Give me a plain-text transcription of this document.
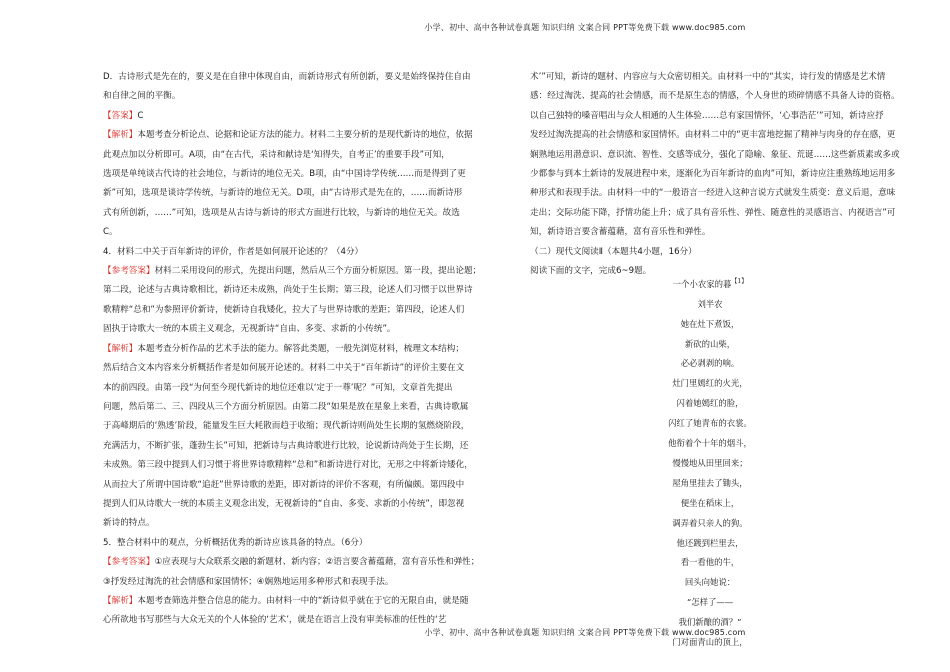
小学、初中、高中各种试卷真题 知识归纳 文案合同 PPT等免费下载 www.doc985.com

D．古诗形式是先在的，要义是在自律中体现自由，而新诗形式有所创新，要义是始终保持住自由

和自律之间的平衡。

【答案】C

【解析】本题考查分析论点、论据和论证方法的能力。材料二主要分析的是现代新诗的地位，依据

此观点加以分析即可。A项，由“在古代，采诗和献诗是‘知得失，自考正’的重要手段”可知，

选项是单纯谈古代诗的社会地位，与新诗的地位无关。B项，由“中国诗学传统……而是得到了更

新”可知，选项是谈诗学传统，与新诗的地位无关。D项，由“古诗形式是先在的，……而新诗形

式有所创新，……”可知，选项是从古诗与新诗的形式方面进行比较，与新诗的地位无关。故选

C。

4．材料二中关于百年新诗的评价，作者是如何展开论述的？（4分）

【参考答案】材料二采用设问的形式，先提出问题，然后从三个方面分析原因。第一段，提出论题；

第二段，论述与古典诗歌相比，新诗还未成熟，尚处于生长期；第三段，论述人们习惯于以世界诗

歌精粹“总和”为参照评价新诗，使新诗自我矮化，拉大了与世界诗歌的差距；第四段，论述人们

固执于诗歌大一统的本质主义观念，无视新诗“自由、多变、求新的小传统”。

【解析】本题考查分析作品的艺术手法的能力。解答此类题，一般先浏览材料，梳理文本结构；

然后结合文本内容来分析概括作者是如何展开论述的。材料二中关于“百年新诗”的评价主要在文

本的前四段。由第一段“为何至今现代新诗的地位还难以‘定于一尊’呢？”可知，文章首先提出

问题，然后第二、三、四段从三个方面分析原因。由第二段“如果是放在星象上来看，古典诗歌属

于高峰期后的‘熟透’阶段，能量发生巨大耗散而趋于收缩；现代新诗则尚处生长期的氢燃烧阶段，

充满活力，不断扩张，蓬勃生长”可知，把新诗与古典诗歌进行比较，论说新诗尚处于生长期，还

未成熟。第三段中提到人们习惯于将世界诗歌精粹“总和”和新诗进行对比，无形之中将新诗矮化，

从而拉大了所谓中国诗歌“追赶”世界诗歌的差距，即对新诗的评价不客观，有所偏颇。第四段中

提到人们从诗歌大一统的本质主义观念出发，无视新诗的“自由、多变、求新的小传统”，即忽视

新诗的特点。

5．整合材料中的观点，分析概括优秀的新诗应该具备的特点。（6分）

【参考答案】①应表现与大众联系交融的新题材、新内容；②语言要含蓄蕴藉，富有音乐性和弹性；

③抒发经过淘洗的社会情感和家国情怀；④娴熟地运用多种形式和表现手法。

【解析】本题考查筛选并整合信息的能力。由材料一中的“新诗似乎就在于它的无限自由，就是随

心所欲地书写那些与大众无关的个人体验的‘艺术’，就是在语言上没有审美标准的任性的‘艺

术’”可知，新诗的题材、内容应与大众密切相关。由材料一中的“其实，诗行发的情感是艺术情

感：经过淘洗、提高的社会情感，而不是原生态的情感，个人身世的琐碎情感不具备人诗的资格。

以自己独特的嗓音唱出与众人相通的人生体验……总有家国情怀，‘心事浩茫’”可知，新诗应抒

发经过淘洗提高的社会情感和家国情怀。由材料二中的“更丰富地挖掘了精神与肉身的存在感，更

娴熟地运用潜意识、意识流、智性、交感等成分，强化了隐喻、象征、荒诞……这些新质素或多或

少都参与到本土新诗的发展进程中来，逐渐化为百年新诗的血肉”可知，新诗应注重熟练地运用多

种形式和表现手法。由材料一中的“一般语言一经进入这种言说方式就发生质变：意义后退，意味

走出；交际功能下降，抒情功能上升；成了具有音乐性、弹性、随意性的灵感语言、内视语言”可

知，新诗语言要含蓄蕴藉，富有音乐性和弹性。

（二）现代文阅读Ⅱ（本题共4小题，16分）

阅读下面的文字，完成6~9题。

一个小农家的暮$^{【1】}$

刘半农

她在灶下煮饭，

新砍的山柴，

必必剥剥的响。

灶门里嫣红的火光，

闪着她嫣红的脸，

闪红了她青布的衣裳。

他衔着个十年的烟斗，

慢慢地从田里回来；

屋角里挂去了锄头，

便坐在稻床上，

调弄着只亲人的狗。

他还踱到栏里去，

看一看他的牛，

回头向她说：

“怎样了——

我们新酿的酒？”

门对面青山的顶上，

小学、初中、高中各种试卷真题 知识归纳 文案合同 PPT等免费下载 www.doc985.com
